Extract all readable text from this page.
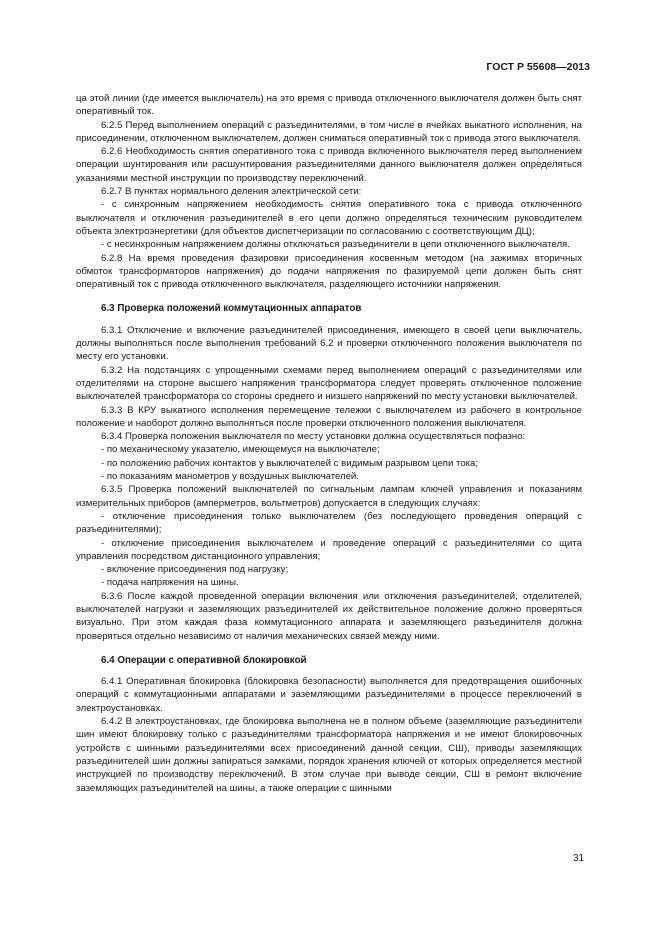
ГОСТ Р 55608—2013

ца этой линии (где имеется выключатель) на это время с привода отключенного выключателя должен быть снят оперативный ток.

6.2.5 Перед выполнением операций с разъединителями, в том числе в ячейках выкатного исполнения, на присоединении, отключенном выключателем, должен сниматься оперативный ток с привода этого выключателя.

6.2.6 Необходимость снятия оперативного тока с привода включенного выключателя перед выполнением операции шунтирования или расшунтирования разъединителями данного выключателя должен определяться указаниями местной инструкции по производству переключений.

6.2.7 В пунктах нормального деления электрической сети:

- с синхронным напряжением необходимость снятия оперативного тока с привода отключенного выключателя и отключения разъединителей в его цепи должно определяться техническим руководителем объекта электроэнергетики (для объектов диспетчеризации по согласованию с соответствующим ДЦ);

- с несинхронным напряжением должны отключаться разъединители в цепи отключенного выключателя.

6.2.8 На время проведения фазировки присоединения косвенным методом (на зажимах вторичных обмоток трансформаторов напряжения) до подачи напряжения по фазируемой цепи должен быть снят оперативный ток с привода отключенного выключателя, разделяющего источники напряжения.

6.3 Проверка положений коммутационных аппаратов

6.3.1 Отключение и включение разъединителей присоединения, имеющего в своей цепи выключатель, должны выполняться после выполнения требований 6.2 и проверки отключенного положения выключателя по месту его установки.

6.3.2 На подстанциях с упрощенными схемами перед выполнением операций с разъединителями или отделителями на стороне высшего напряжения трансформатора следует проверять отключенное положение выключателей трансформатора со стороны среднего и низшего напряжений по месту установки выключателей.

6.3.3 В КРУ выкатного исполнения перемещение тележки с выключателем из рабочего в контрольное положение и наоборот должно выполняться после проверки отключенного положения выключателя.

6.3.4 Проверка положения выключателя по месту установки должна осуществляться пофазно:

- по механическому указателю, имеющемуся на выключателе;

- по положению рабочих контактов у выключателей с видимым разрывом цепи тока;

- по показаниям манометров у воздушных выключателей.

6.3.5 Проверка положений выключателей по сигнальным лампам ключей управления и показаниям измерительных приборов (амперметров, вольтметров) допускается в следующих случаях:

- отключение присоединения только выключателем (без последующего проведения операций с разъединителями);

- отключение присоединения выключателем и проведение операций с разъединителями со щита управления посредством дистанционного управления;

- включение присоединения под нагрузку;

- подача напряжения на шины.

6.3.6 После каждой проведенной операции включения или отключения разъединителей, отделителей, выключателей нагрузки и заземляющих разъединителей их действительное положение должно проверяться визуально. При этом каждая фаза коммутационного аппарата и заземляющего разъединителя должна проверяться отдельно независимо от наличия механических связей между ними.

6.4 Операции с оперативной блокировкой

6.4.1 Оперативная блокировка (блокировка безопасности) выполняется для предотвращения ошибочных операций с коммутационными аппаратами и заземляющими разъединителями в процессе переключений в электроустановках.

6.4.2 В электроустановках, где блокировка выполнена не в полном объеме (заземляющие разъединители шин имеют блокировку только с разъединителями трансформатора напряжения и не имеют блокировочных устройств с шинными разъединителями всех присоединений данной секции, СШ), приводы заземляющих разъединителей шин должны запираться замками, порядок хранения ключей от которых определяется местной инструкцией по производству переключений. В этом случае при выводе секции, СШ в ремонт включение заземляющих разъединителей на шины, а также операции с шинными

31
